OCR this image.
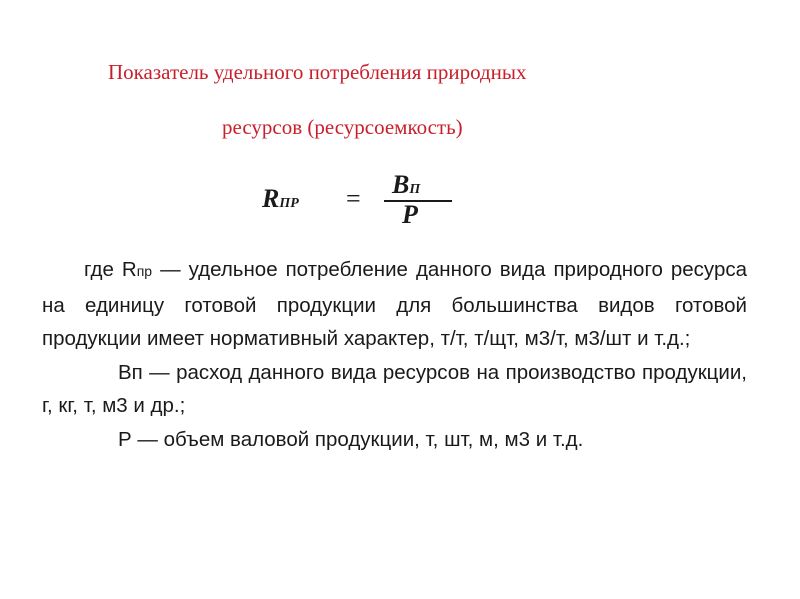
Показатель удельного потребления природных
ресурсов (ресурсоемкость)
RПР = BП
P

где Rпр — удельное потребление данного вида природного ресурса на единицу готовой продукции для большинства видов готовой продукции имеет нормативный характер, т/т, т/щт, м3/т, м3/шт и т.д.;

Вп — расход данного вида ресурсов на производство продукции, г, кг, т, м3 и др.;

Р — объем валовой продукции, т, шт, м, м3 и т.д.
